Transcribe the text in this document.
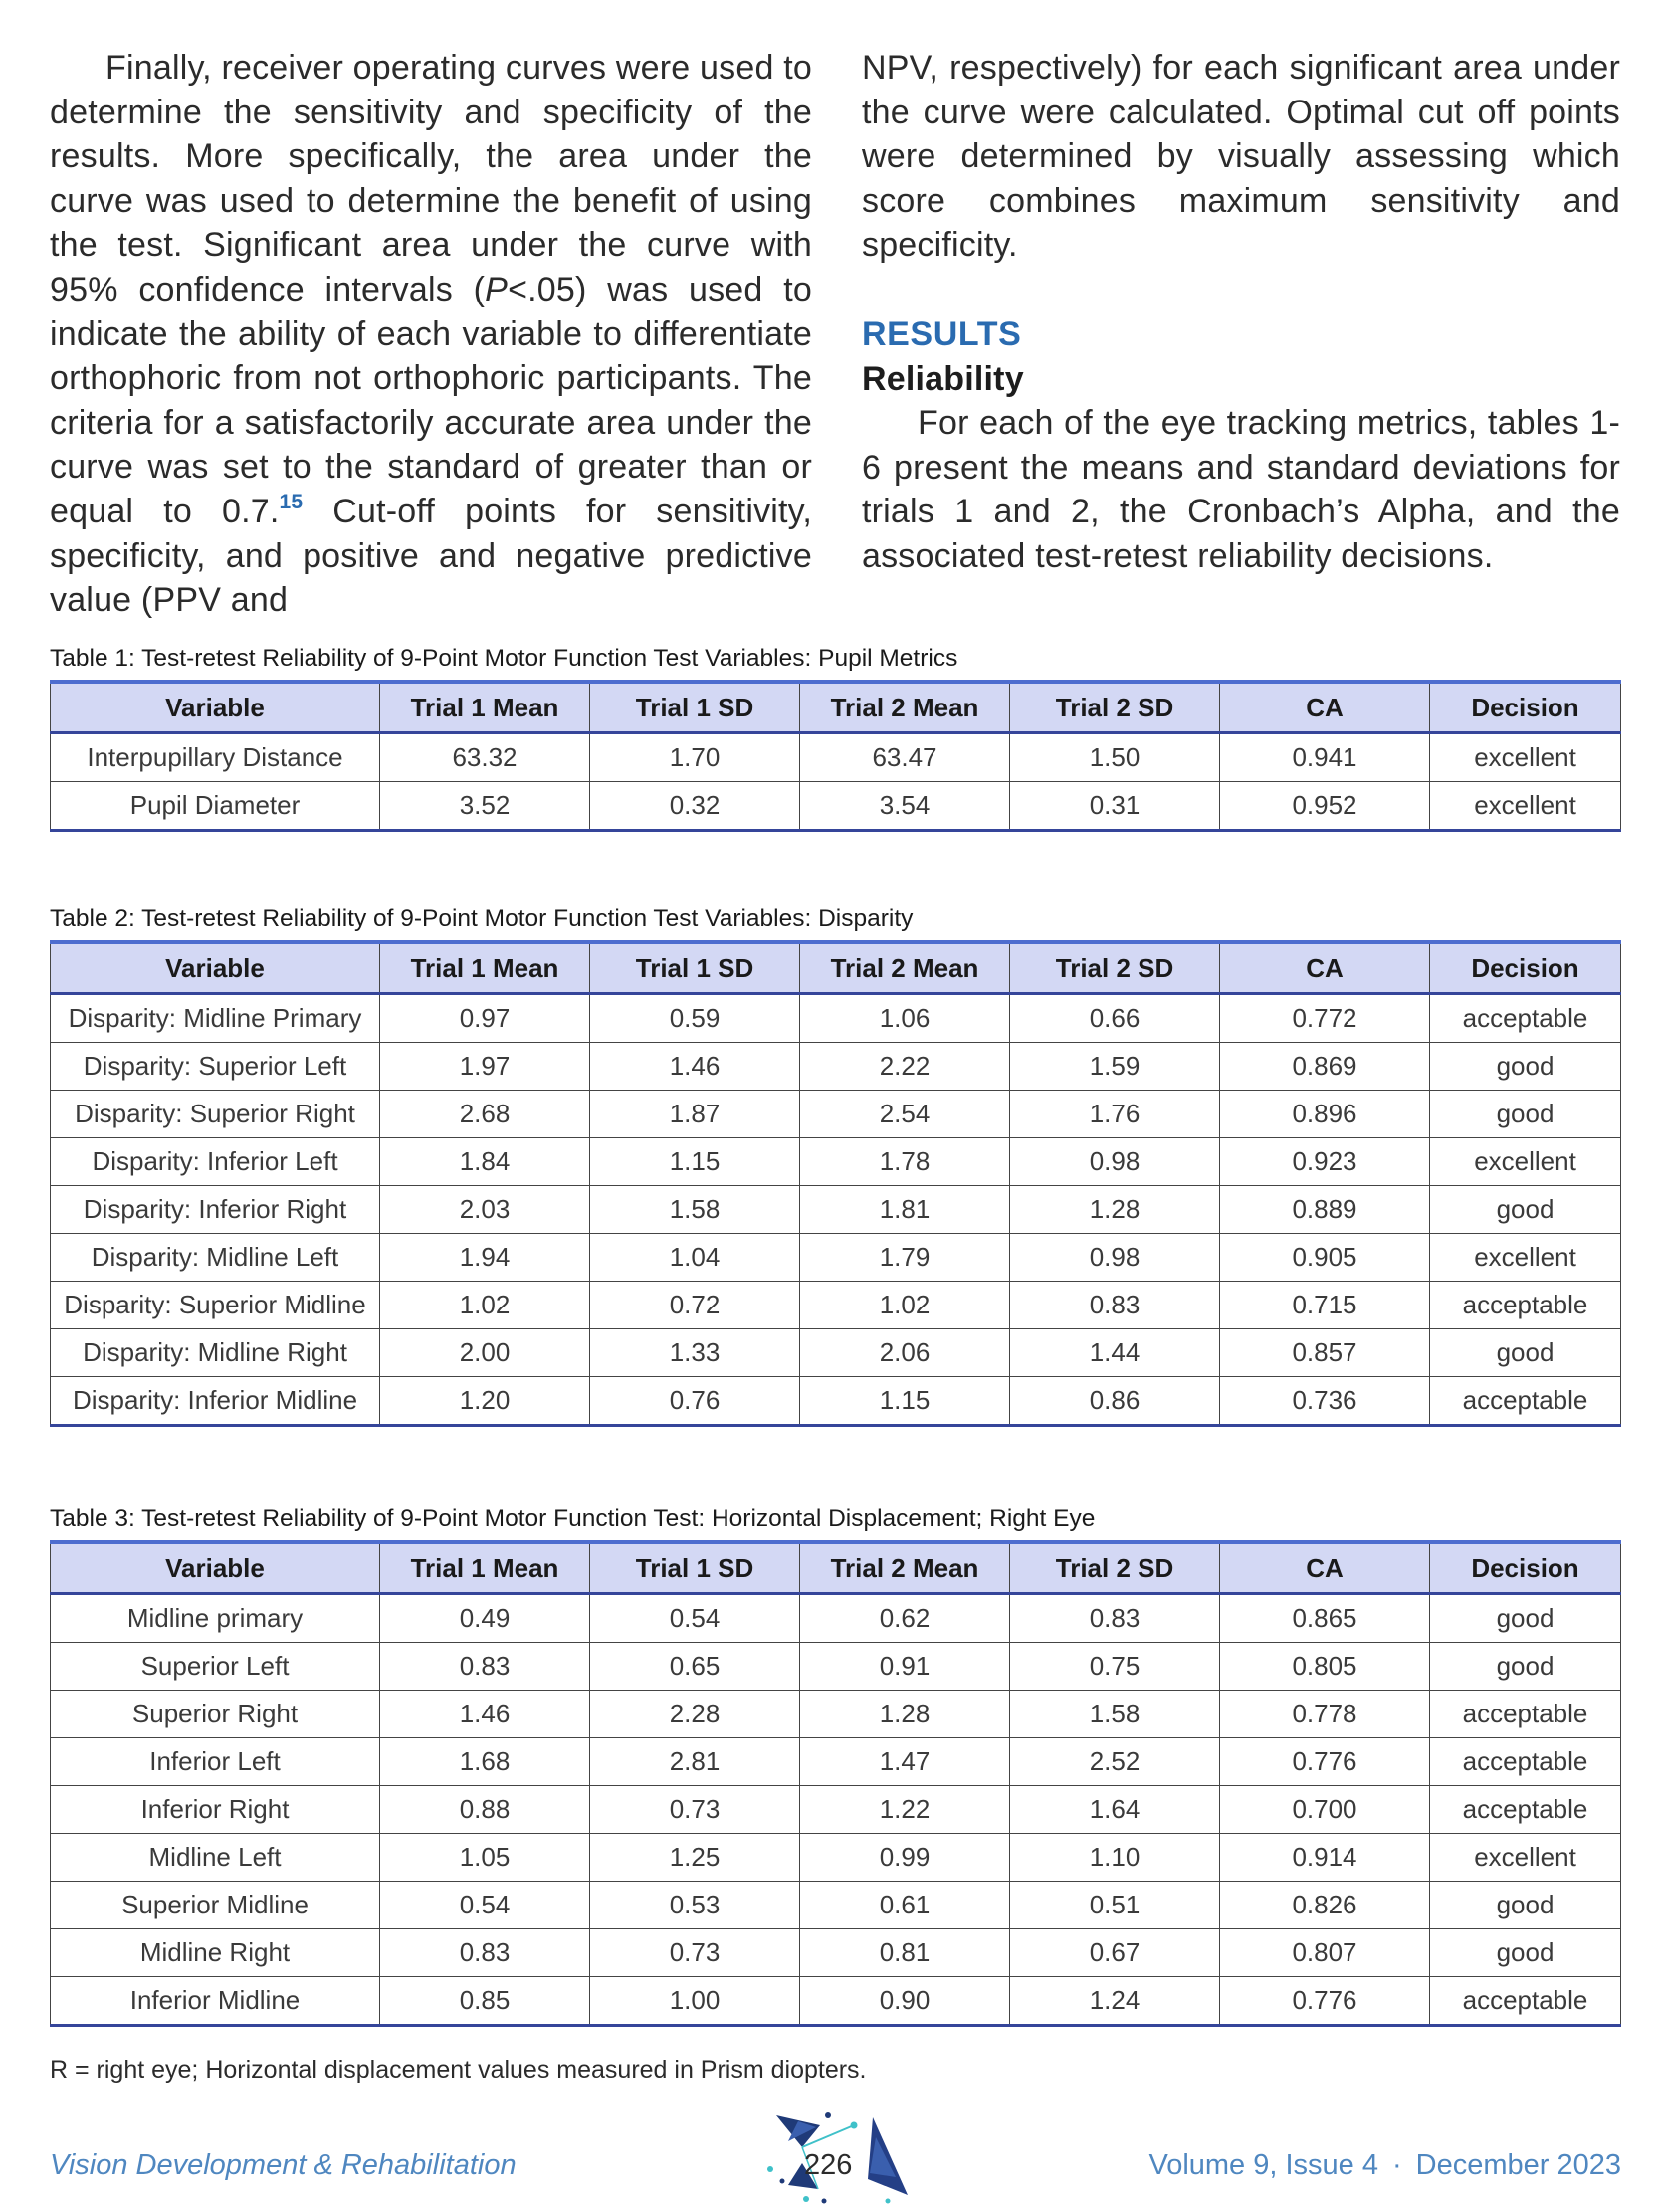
Finally, receiver operating curves were used to determine the sensitivity and specificity of the results. More specifically, the area under the curve was used to determine the benefit of using the test. Significant area under the curve with 95% confidence intervals (P<.05) was used to indicate the ability of each variable to differentiate orthophoric from not orthophoric participants. The criteria for a satisfactorily accurate area under the curve was set to the standard of greater than or equal to 0.7.15 Cut-off points for sensitivity, specificity, and positive and negative predictive value (PPV and

NPV, respectively) for each significant area under the curve were calculated. Optimal cut off points were determined by visually assessing which score combines maximum sensitivity and specificity.

RESULTS
Reliability

For each of the eye tracking metrics, tables 1-6 present the means and standard deviations for trials 1 and 2, the Cronbach’s Alpha, and the associated test-retest reliability decisions.

Table 1: Test-retest Reliability of 9-Point Motor Function Test Variables: Pupil Metrics
Variable	Trial 1 Mean	Trial 1 SD	Trial 2 Mean	Trial 2 SD	CA	Decision
Interpupillary Distance	63.32	1.70	63.47	1.50	0.941	excellent
Pupil Diameter	3.52	0.32	3.54	0.31	0.952	excellent
Table 2: Test-retest Reliability of 9-Point Motor Function Test Variables: Disparity
Variable	Trial 1 Mean	Trial 1 SD	Trial 2 Mean	Trial 2 SD	CA	Decision
Disparity: Midline Primary	0.97	0.59	1.06	0.66	0.772	acceptable
Disparity: Superior Left	1.97	1.46	2.22	1.59	0.869	good
Disparity: Superior Right	2.68	1.87	2.54	1.76	0.896	good
Disparity: Inferior Left	1.84	1.15	1.78	0.98	0.923	excellent
Disparity: Inferior Right	2.03	1.58	1.81	1.28	0.889	good
Disparity: Midline Left	1.94	1.04	1.79	0.98	0.905	excellent
Disparity: Superior Midline	1.02	0.72	1.02	0.83	0.715	acceptable
Disparity: Midline Right	2.00	1.33	2.06	1.44	0.857	good
Disparity: Inferior Midline	1.20	0.76	1.15	0.86	0.736	acceptable
Table 3: Test-retest Reliability of 9-Point Motor Function Test: Horizontal Displacement; Right Eye
Variable	Trial 1 Mean	Trial 1 SD	Trial 2 Mean	Trial 2 SD	CA	Decision
Midline primary	0.49	0.54	0.62	0.83	0.865	good
Superior Left	0.83	0.65	0.91	0.75	0.805	good
Superior Right	1.46	2.28	1.28	1.58	0.778	acceptable
Inferior Left	1.68	2.81	1.47	2.52	0.776	acceptable
Inferior Right	0.88	0.73	1.22	1.64	0.700	acceptable
Midline Left	1.05	1.25	0.99	1.10	0.914	excellent
Superior Midline	0.54	0.53	0.61	0.51	0.826	good
Midline Right	0.83	0.73	0.81	0.67	0.807	good
Inferior Midline	0.85	1.00	0.90	1.24	0.776	acceptable
R = right eye; Horizontal displacement values measured in Prism diopters.
Vision Development & Rehabilitation	226	Volume 9, Issue 4 · December 2023
